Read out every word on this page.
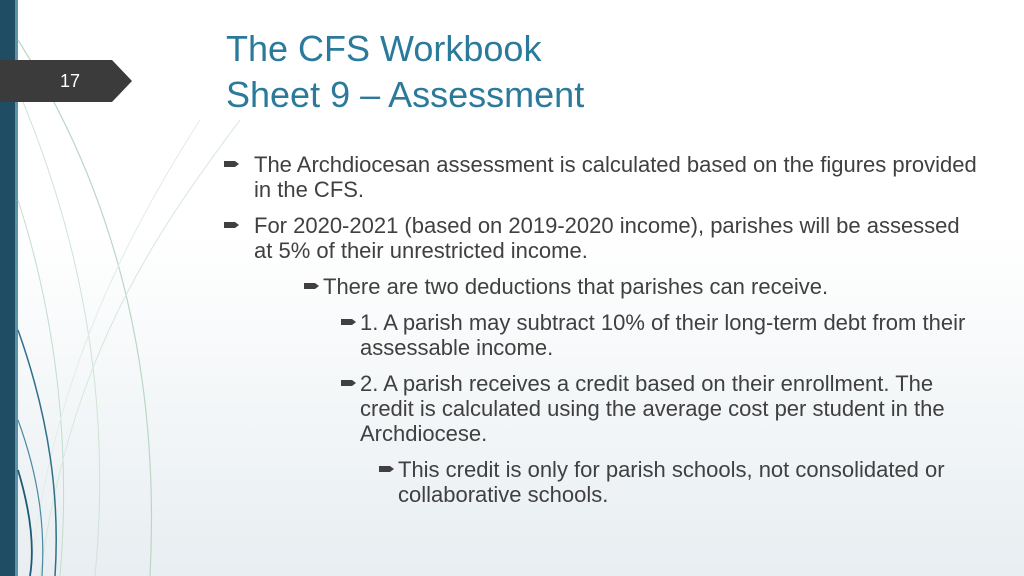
17
The CFS Workbook
Sheet 9 – Assessment

The Archdiocesan assessment is calculated based on the figures provided in the CFS.

For 2020-2021 (based on 2019-2020 income), parishes will be assessed at 5% of their unrestricted income.

There are two deductions that parishes can receive.

1. A parish may subtract 10% of their long-term debt from their assessable income.

2. A parish receives a credit based on their enrollment. The credit is calculated using the average cost per student in the Archdiocese.

This credit is only for parish schools, not consolidated or collaborative schools.
